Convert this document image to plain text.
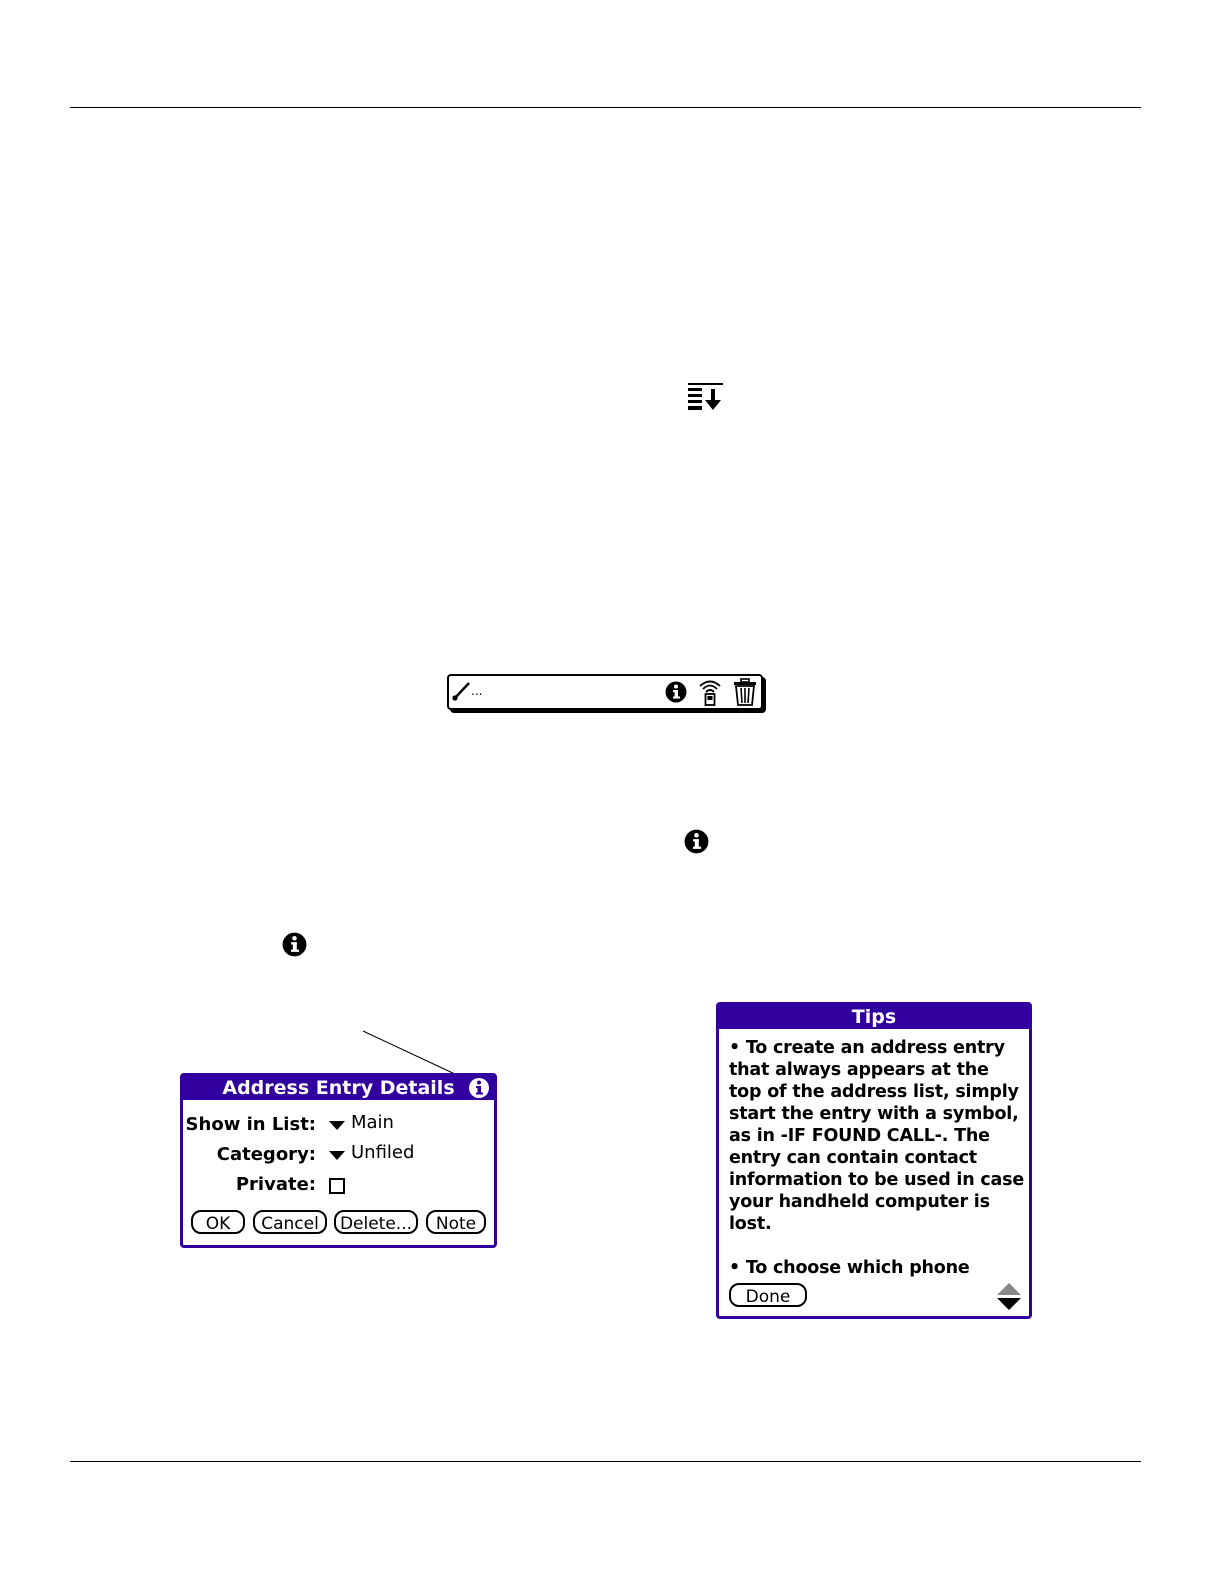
...
Address Entry Details
Show in List: Main
Category: Unfiled
Private:
OK	Cancel	Delete...	Note
Tips

• To create an address entry that always appears at the top of the address list, simply start the entry with a symbol, as in -IF FOUND CALL-. The entry can contain contact information to be used in case your handheld computer is lost.

• To choose which phone

Done
